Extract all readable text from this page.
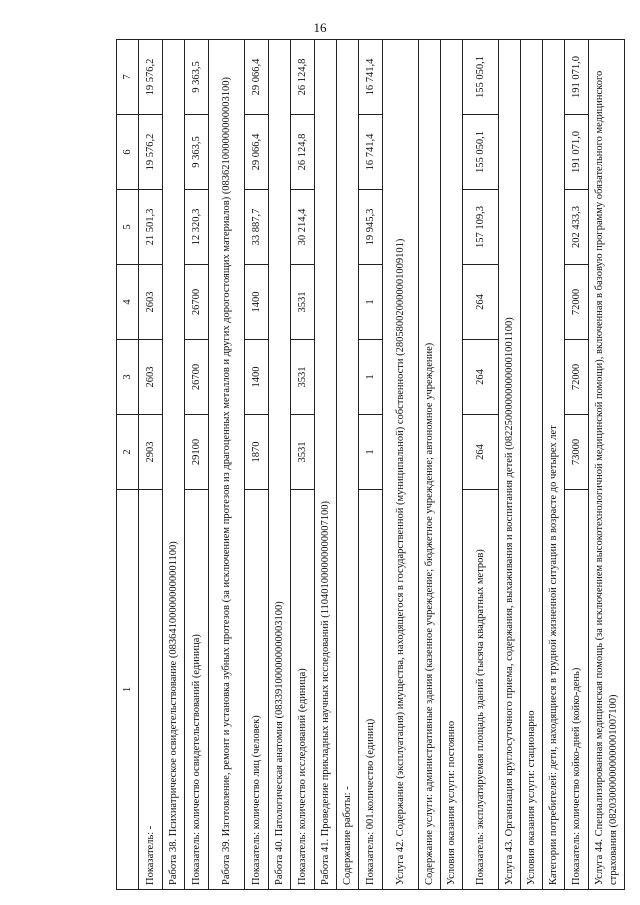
16
1	2	3	4	5	6	7
Показатель: -	2903	2603	2603	21 501,3	19 576,2	19 576,2
Работа 38. Психиатрическое освидетельствование (083641000000000001100)						
Показатель: количество освидетельствований (единица)	29100	26700	26700	12 320,3	9 363,5	9 363,5
Работа 39. Изготовление, ремонт и установка зубных протезов (за исключением протезов из драгоценных металлов и других дорогостоящих материалов) (083621000000000003100)						
Показатель: количество лиц (человек)	1870	1400	1400	33 887,7	29 066,4	29 066,4
Работа 40. Патологическая анатомия (083391000000000003100)						
Показатель: количество исследований (единица)	3531	3531	3531	30 214,4	26 124,8	26 124,8
Работа 41. Проведение прикладных научных исследований (110401000000000007100)						
Содержание работы: -						
Показатель: 001.количество (единиц)	1	1	1	19 945,3	16 741,4	16 741,4
Услуга 42. Содержание (эксплуатация) имущества, находящегося в государственной (муниципальной) собственности (280580020000001009101)						
Содержание услуги: административные здания (казенное учреждение; бюджетное учреждение; автономное учреждение)						
Условия оказания услуги: постоянно						
Показатель: эксплуатируемая площадь зданий (тысяча квадратных метров)	264	264	264	157 109,3	155 050,1	155 050,1
Услуга 43. Организация круглосуточного приема, содержания, выхаживания и воспитания детей (082250000000000001001100)						
Условия оказания услуги: стационарно						
Категории потребителей: дети, находящиеся в трудной жизненной ситуации в возрасте до четырех лет						
Показатель: количество койко-дней (койко-день)	73000	72000	72000	202 433,3	191 071,0	191 071,0
Услуга 44. Специализированная медицинская помощь (за исключением высокотехнологичной медицинской помощи), включенная в базовую программу обязательного медицинского страхования (082030000000000001007100)						
